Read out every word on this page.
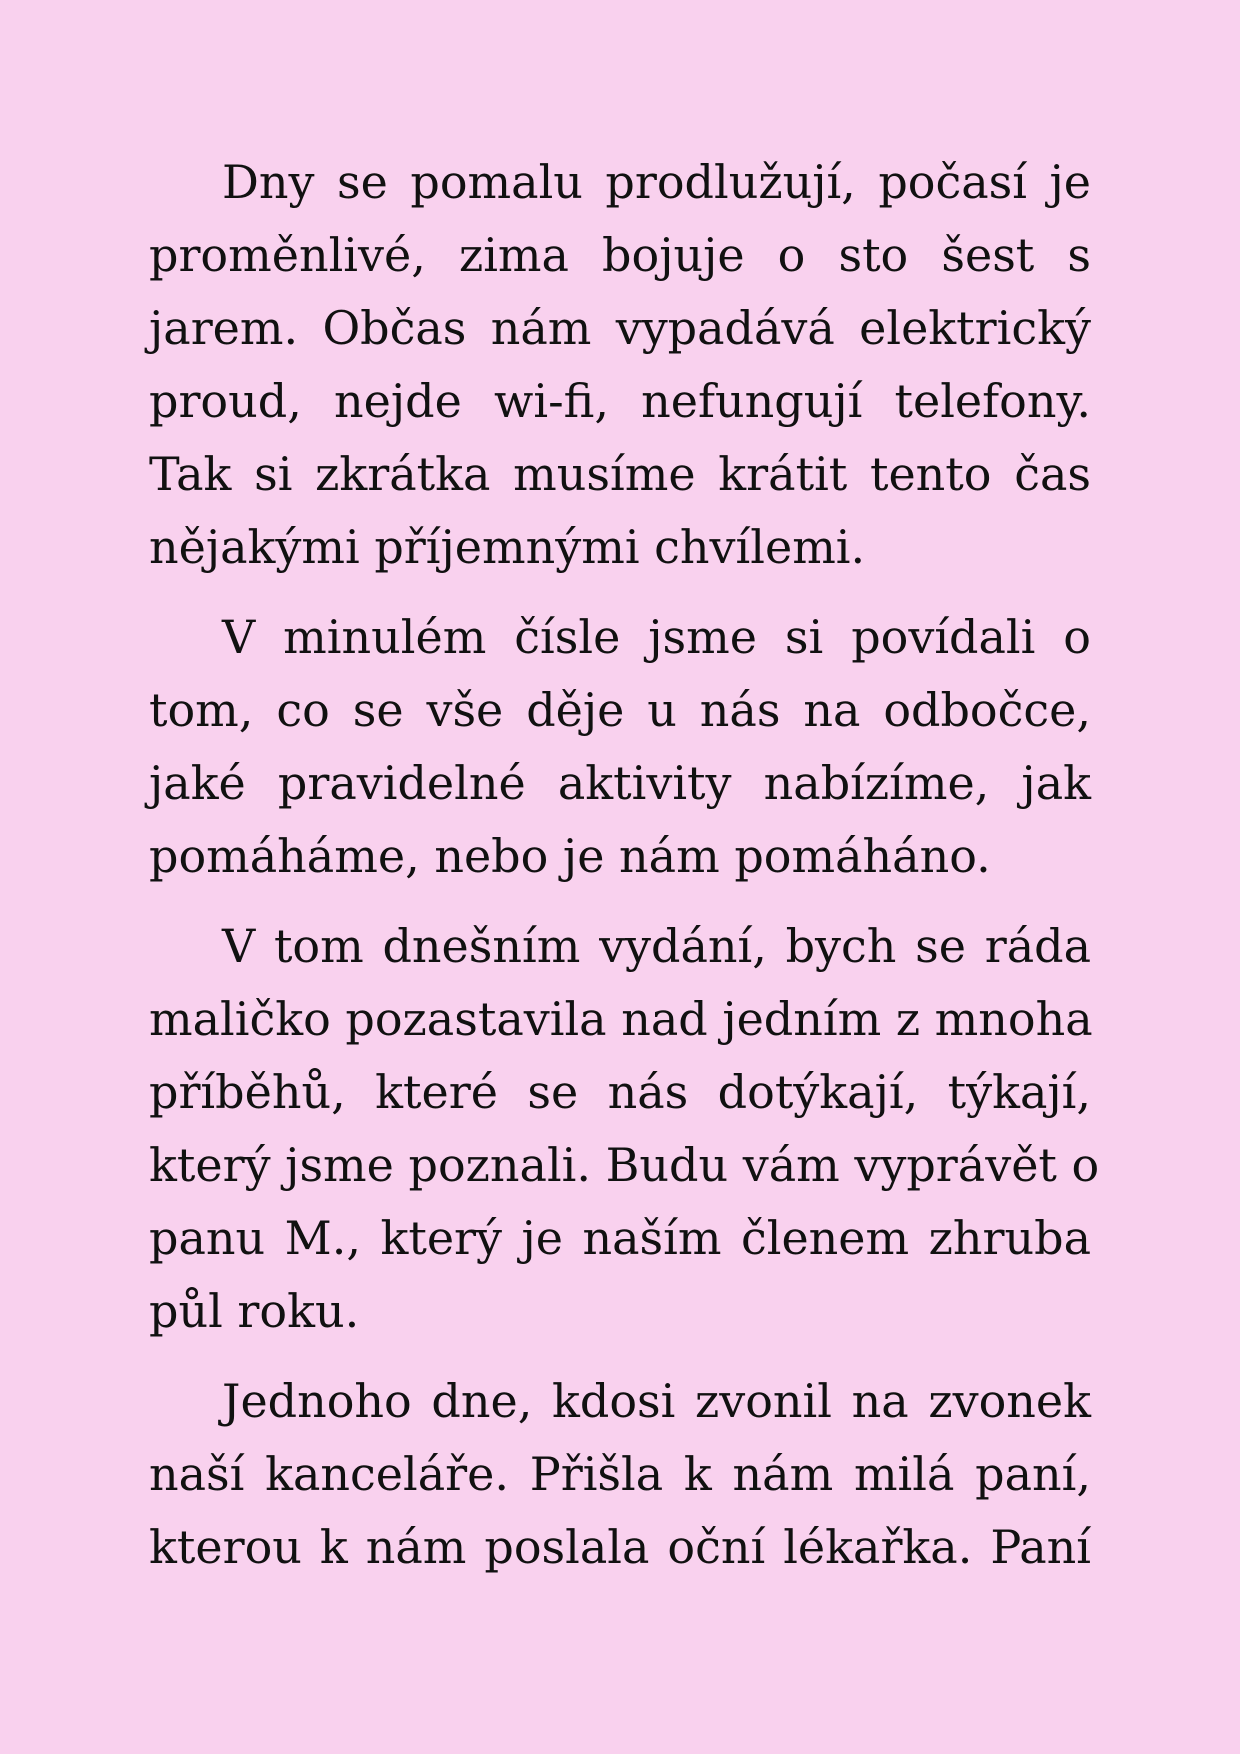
Dny se pomalu prodlužují, počasí je
proměnlivé, zima bojuje o sto šest s
jarem. Občas nám vypadává elektrický
proud, nejde wi-fi, nefungují telefony.
Tak si zkrátka musíme krátit tento čas
nějakými příjemnými chvílemi.
V minulém čísle jsme si povídali o
tom, co se vše děje u nás na odbočce,
jaké pravidelné aktivity nabízíme, jak
pomáháme, nebo je nám pomáháno.
V tom dnešním vydání, bych se ráda
maličko pozastavila nad jedním z mnoha
příběhů, které se nás dotýkají, týkají,
který jsme poznali. Budu vám vyprávět o
panu M., který je naším členem zhruba
půl roku.
Jednoho dne, kdosi zvonil na zvonek
naší kanceláře. Přišla k nám milá paní,
kterou k nám poslala oční lékařka. Paní
